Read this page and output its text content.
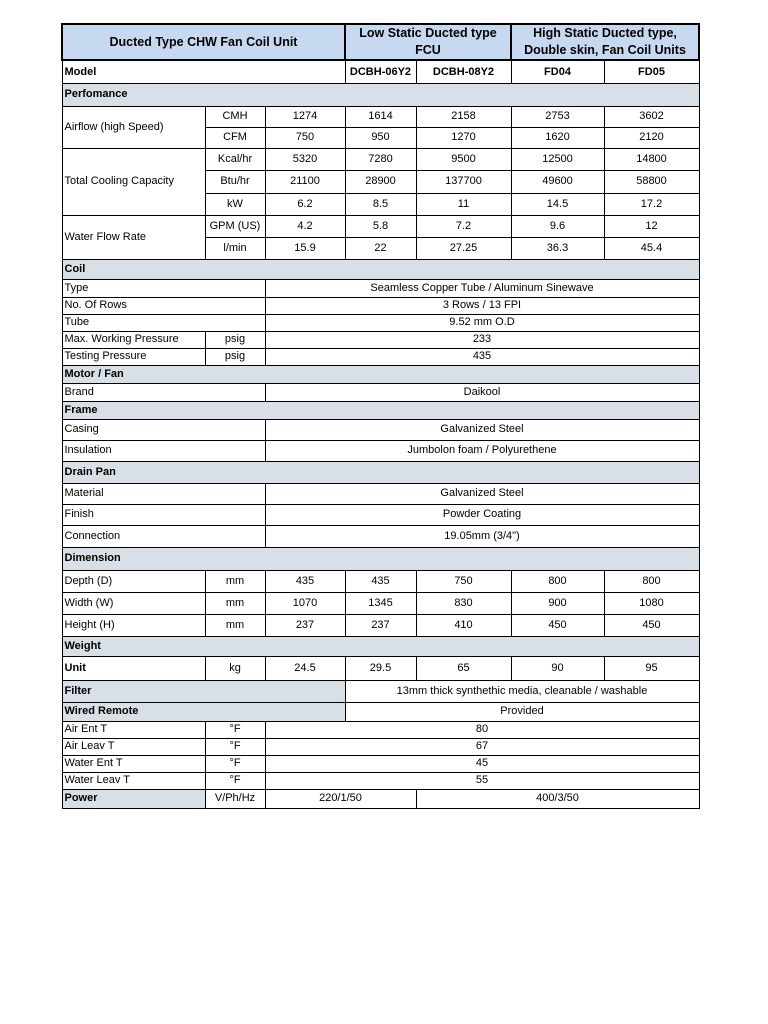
Ducted Type CHW Fan Coil Unit			Low Static Ducted type FCU		High Static Ducted type, Double skin, Fan Coil Units		
Model			DCBH-06Y2	DCBH-08Y2	FD04	FD05	
Perfomance							
Airflow (high Speed)	CMH	1274	1614	2158	2753	3602	
	CFM	750	950	1270	1620	2120	
Total Cooling Capacity	Kcal/hr	5320	7280	9500	12500	14800	
	Btu/hr	21100	28900	137700	49600	58800	
	kW	6.2	8.5	11	14.5	17.2	
Water Flow Rate	GPM (US)	4.2	5.8	7.2	9.6	12	
	l/min	15.9	22	27.25	36.3	45.4	
Coil							
Type		Seamless Copper Tube / Aluminum Sinewave					
No. Of Rows		3 Rows / 13 FPI					
Tube		9.52 mm O.D					
Max. Working Pressure	psig	233					
Testing Pressure	psig	435					
Motor / Fan							
Brand		Daikool					
Frame							
Casing		Galvanized Steel					
Insulation		Jumbolon foam / Polyurethene					
Drain Pan							
Material		Galvanized Steel					
Finish		Powder Coating					
Connection		19.05mm (3/4")					
Dimension							
Depth (D)	mm	435	435	750	800	800	
Width (W)	mm	1070	1345	830	900	1080	
Height (H)	mm	237	237	410	450	450	
Weight							
Unit	kg	24.5	29.5	65	90	95	
Filter			13mm thick synthethic media, cleanable / washable				
Wired Remote			Provided				
Air Ent T	°F	80					
Air Leav T	°F	67					
Water Ent T	°F	45					
Water Leav T	°F	55					
Power	V/Ph/Hz	220/1/50		400/3/50			
